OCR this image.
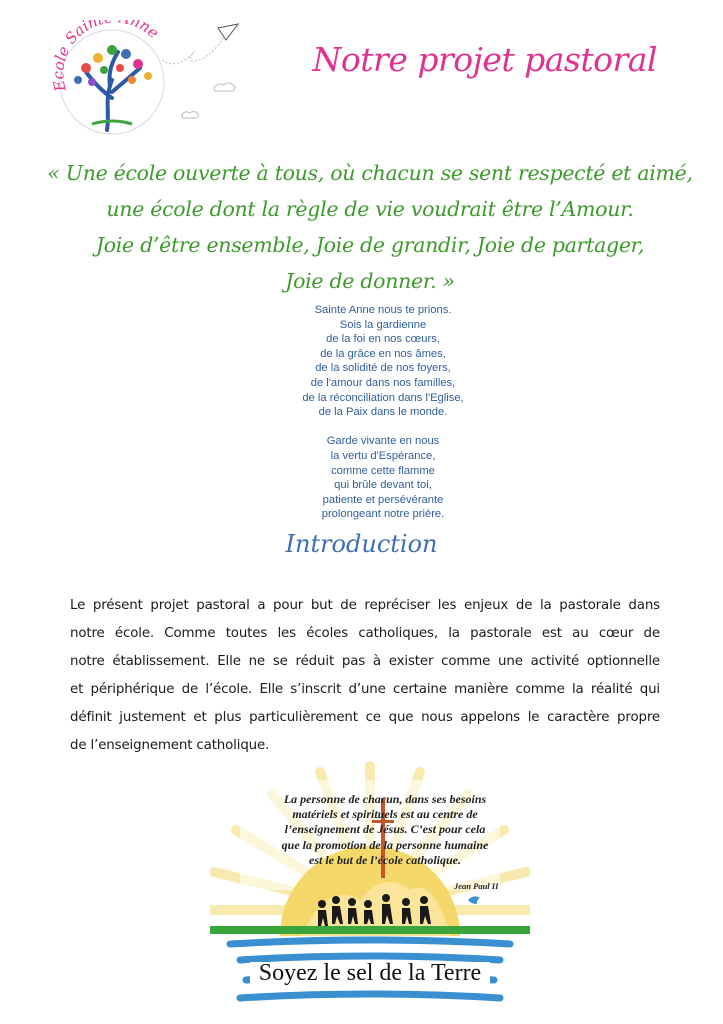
le Sain nne
Notre projet pastoral
« Une école ouverte à tous, où chacun se sent respecté et aimé,
une école dont la règle de vie voudrait être l’Amour.
Joie d’être ensemble, Joie de grandir, Joie de partager,
Joie de donner. »
Sainte Anne nous te prions.
Sois la gardienne
de la foi en nos cœurs,
de la grâce en nos âmes,
de la solidité de nos foyers,
de l'amour dans nos familles,
de la réconciliation dans l'Eglise,
de la Paix dans le monde.
Garde vivante en nous
la vertu d'Espérance,
comme cette flamme
qui brûle devant toi,
patiente et persévérante
prolongeant notre prière.
Introduction
Le présent projet pastoral a pour but de repréciser les enjeux de la pastorale dans
notre école. Comme toutes les écoles catholiques, la pastorale est au cœur de
notre établissement. Elle ne se réduit pas à exister comme une activité optionnelle
et périphérique de l’école. Elle s’inscrit d’une certaine manière comme la réalité qui
définit justement et plus particulièrement ce que nous appelons le caractère propre
de l’enseignement catholique.
La personne de chacun, dans ses besoins
matériels et spirituels est au centre de
l’enseignement de Jésus. C’est pour cela
que la promotion de la personne humaine
est le but de l’école catholique.
Jean Paul II
Soyez le sel de la Terre
